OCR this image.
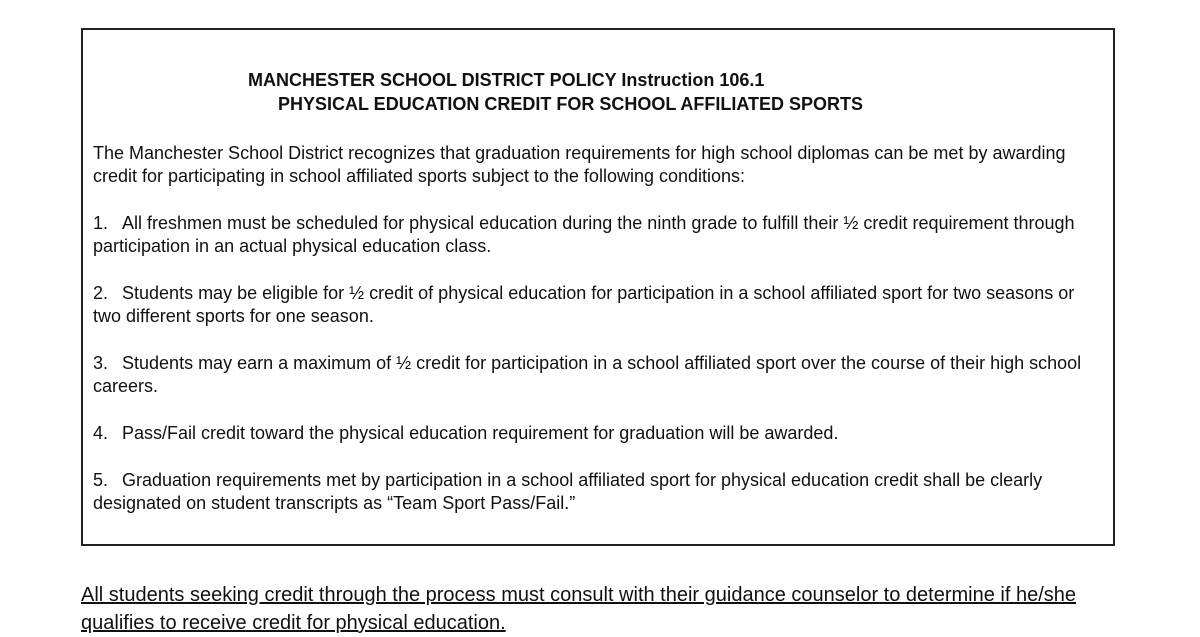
MANCHESTER SCHOOL DISTRICT POLICY Instruction 106.1
PHYSICAL EDUCATION CREDIT FOR SCHOOL AFFILIATED SPORTS

The Manchester School District recognizes that graduation requirements for high school diplomas can be met by awarding credit for participating in school affiliated sports subject to the following conditions:

1. All freshmen must be scheduled for physical education during the ninth grade to fulfill their ½ credit requirement through participation in an actual physical education class.

2. Students may be eligible for ½ credit of physical education for participation in a school affiliated sport for two seasons or two different sports for one season.

3. Students may earn a maximum of ½ credit for participation in a school affiliated sport over the course of their high school careers.

4. Pass/Fail credit toward the physical education requirement for graduation will be awarded.

5. Graduation requirements met by participation in a school affiliated sport for physical education credit shall be clearly designated on student transcripts as “Team Sport Pass/Fail.”

All students seeking credit through the process must consult with their guidance counselor to determine if he/she qualifies to receive credit for physical education.
